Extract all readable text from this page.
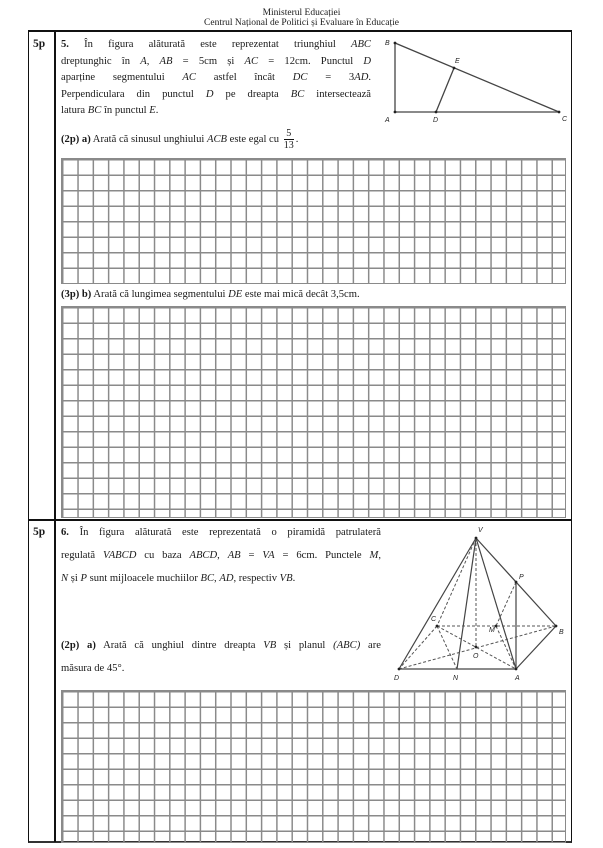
Ministerul Educației
Centrul Național de Politici și Evaluare în Educație
5p 5. În figura alăturată este reprezentat triunghiul ABC
dreptunghic în A, AB = 5cm și AC = 12cm. Punctul D
aparține segmentului AC astfel încât DC = 3AD.
Perpendiculara din punctul D pe dreapta BC intersectează
latura BC în punctul E.
B
A	D
E
C
(2p) a) Arată că sinusul unghiului ACB este egal cu $\frac{5}{13}$ .
(3p) b) Arată că lungimea segmentului DE este mai mică decât 3,5cm.
5p 6. În figura alăturată este reprezentată o piramidă patrulateră
regulată VABCD cu baza ABCD, AB = VA = 6cm. Punctele M,
N și P sunt mijloacele muchiilor BC, AD, respectiv VB.
(2p) a) Arată că unghiul dintre dreapta VB și planul (ABC) are
măsura de 45°.
V
P
C
M	B
O
D	N	A
